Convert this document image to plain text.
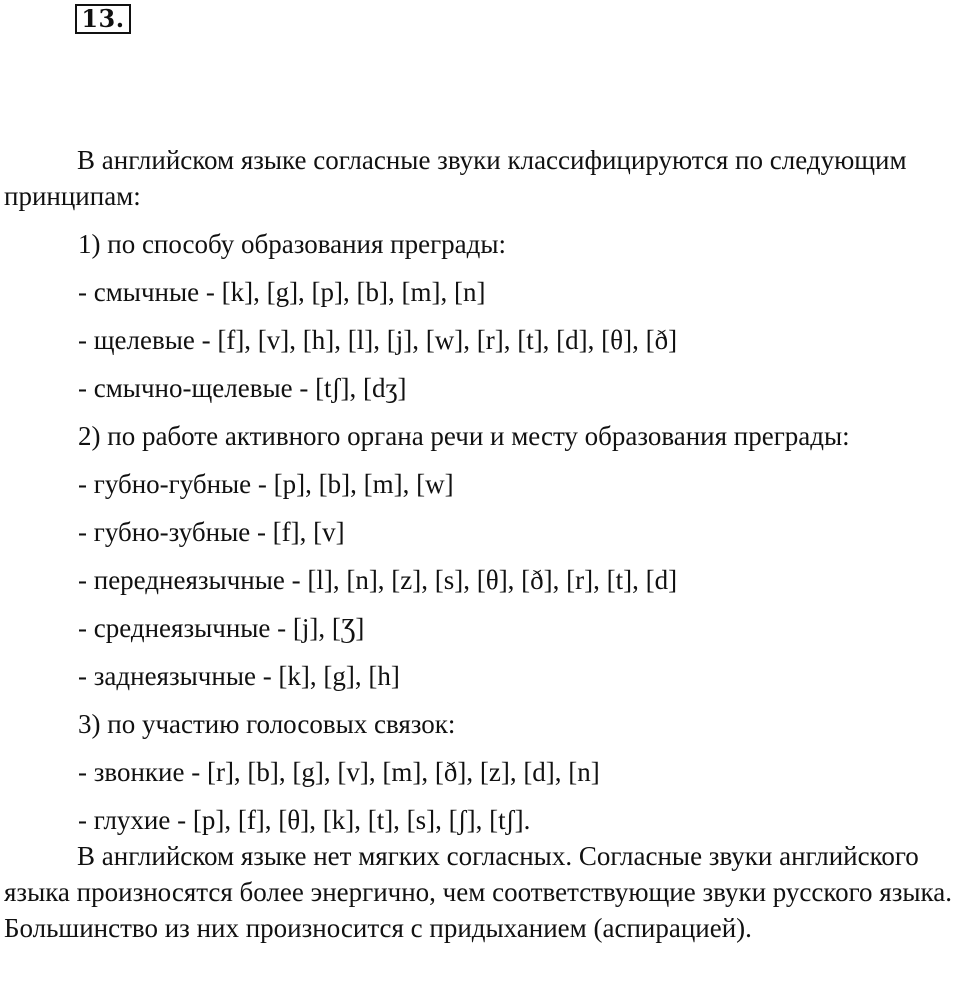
13.

В английском языке согласные звуки классифицируются по следующим принципам:

1) по способу образования преграды:

- смычные - [k], [g], [p], [b], [m], [n]

- щелевые - [f], [v], [h], [l], [j], [w], [r], [t], [d], [θ], [ð]

- смычно-щелевые - [tʃ], [dʒ]

2) по работе активного органа речи и месту образования преграды:

- губно-губные - [p], [b], [m], [w]

- губно-зубные - [f], [v]

- переднеязычные - [l], [n], [z], [s], [θ], [ð], [r], [t], [d]

- среднеязычные - [j], [Ʒ]

- заднеязычные - [k], [g], [h]

3) по участию голосовых связок:

- звонкие - [r], [b], [g], [v], [m], [ð], [z], [d], [n]

- глухие - [p], [f], [θ], [k], [t], [s], [ʃ], [tʃ].

В английском языке нет мягких согласных. Согласные звуки английского языка произносятся более энергично, чем соответствующие звуки русского языка. Большинство из них произносится с придыханием (аспирацией).
